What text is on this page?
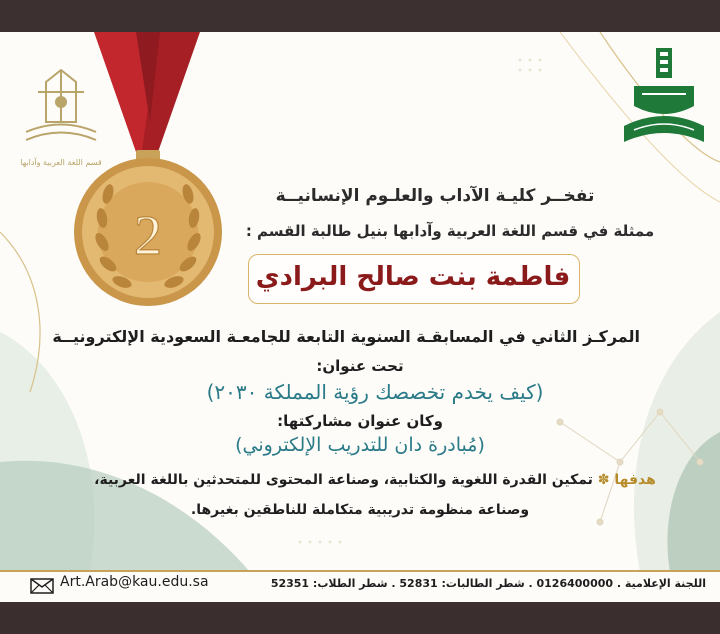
قسم اللغة العربية وآدابها
2
تفخــر كليـة الآداب والعلـوم الإنسانيــة
ممثلة في قسم اللغة العربية وآدابها بنيل طالبة القسم :
فاطمة بنت صالح البرادي
المركـز الثاني في المسابقـة السنوية التابعة للجامعـة السعودية الإلكترونيــة
تحت عنوان:
(كيف يخدم تخصصك رؤية المملكة ٢٠٣٠)
وكان عنوان مشاركتها:
(مُبادرة دان للتدريب الإلكتروني)
هدفها ✽ تمكين القدرة اللغوية والكتابية، وصناعة المحتوى للمتحدثين باللغة العربية،
وصناعة منظومة تدريبية متكاملة للناطقين بغيرها.
اللجنة الإعلامية . 0126400000 . شطر الطالبات: 52831 . شطر الطلاب: 52351
Art.Arab@kau.edu.sa
